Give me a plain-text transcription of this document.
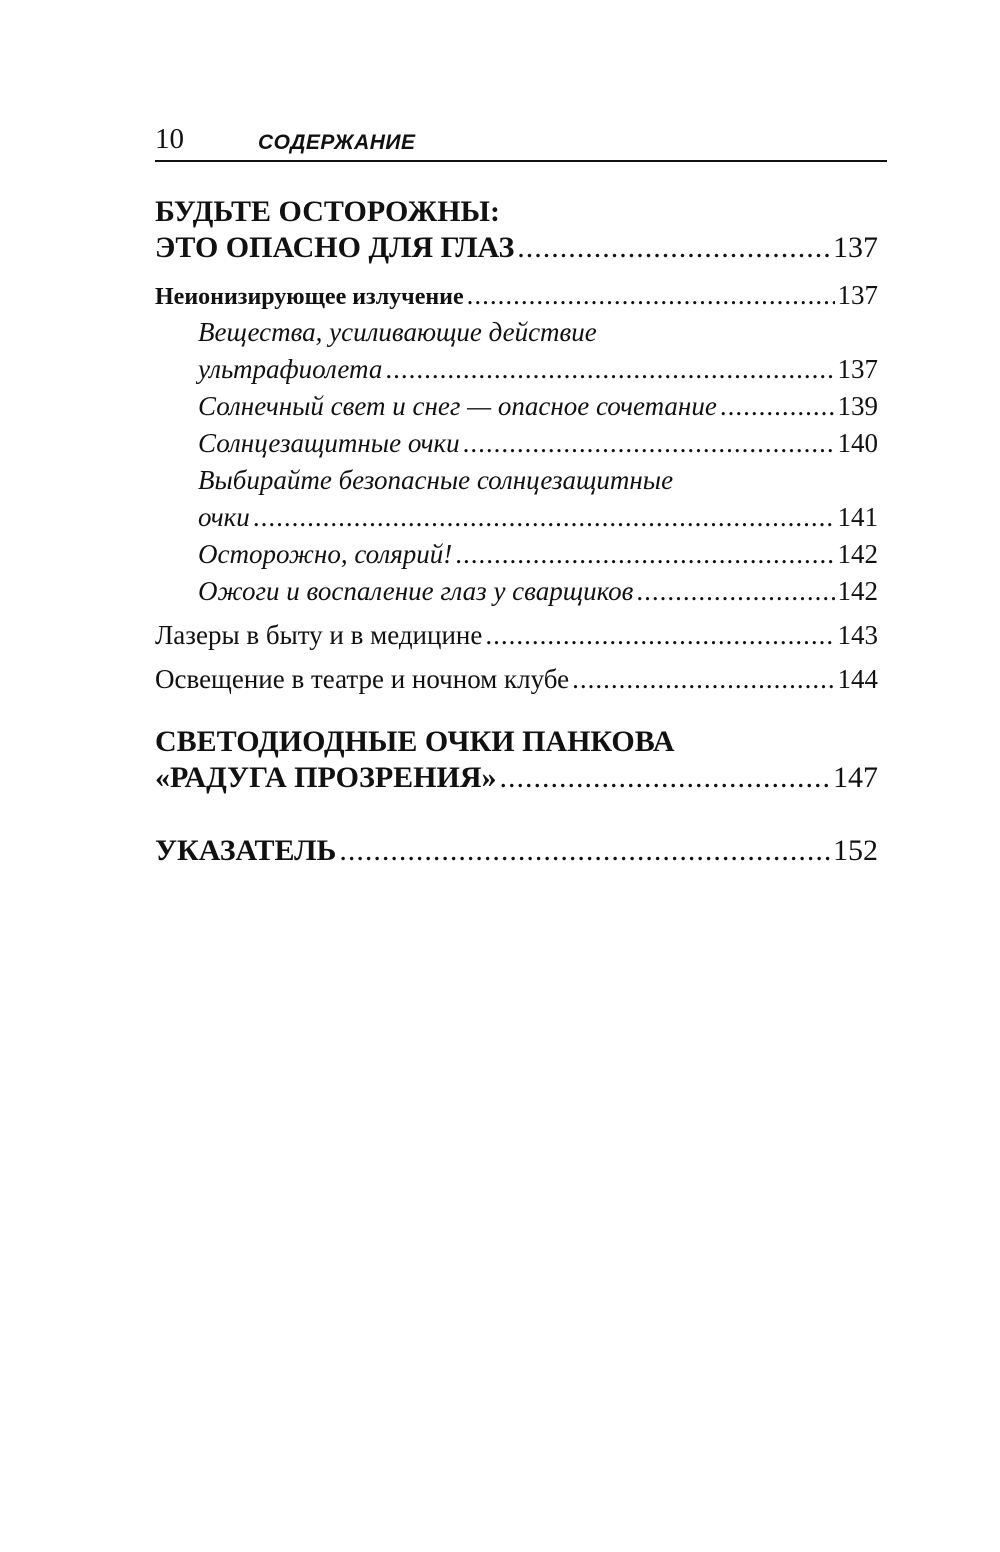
10	СОДЕРЖАНИЕ
БУДЬТЕ ОСТОРОЖНЫ:
ЭТО ОПАСНО ДЛЯ ГЛАЗ .....	137
Неионизирующее излучение .....	137
Вещества, усиливающие действие
ультрафиолета .....	137
Солнечный свет и снег — опасное сочетание .....	139
Солнцезащитные очки .....	140
Выбирайте безопасные солнцезащитные
очки .....	141
Осторожно, солярий! .....	142
Ожоги и воспаление глаз у сварщиков .....	142
Лазеры в быту и в медицине .....	143
Освещение в театре и ночном клубе .....	144
СВЕТОДИОДНЫЕ ОЧКИ ПАНКОВА
«РАДУГА ПРОЗРЕНИЯ» .....	147
УКАЗАТЕЛЬ .....	152
